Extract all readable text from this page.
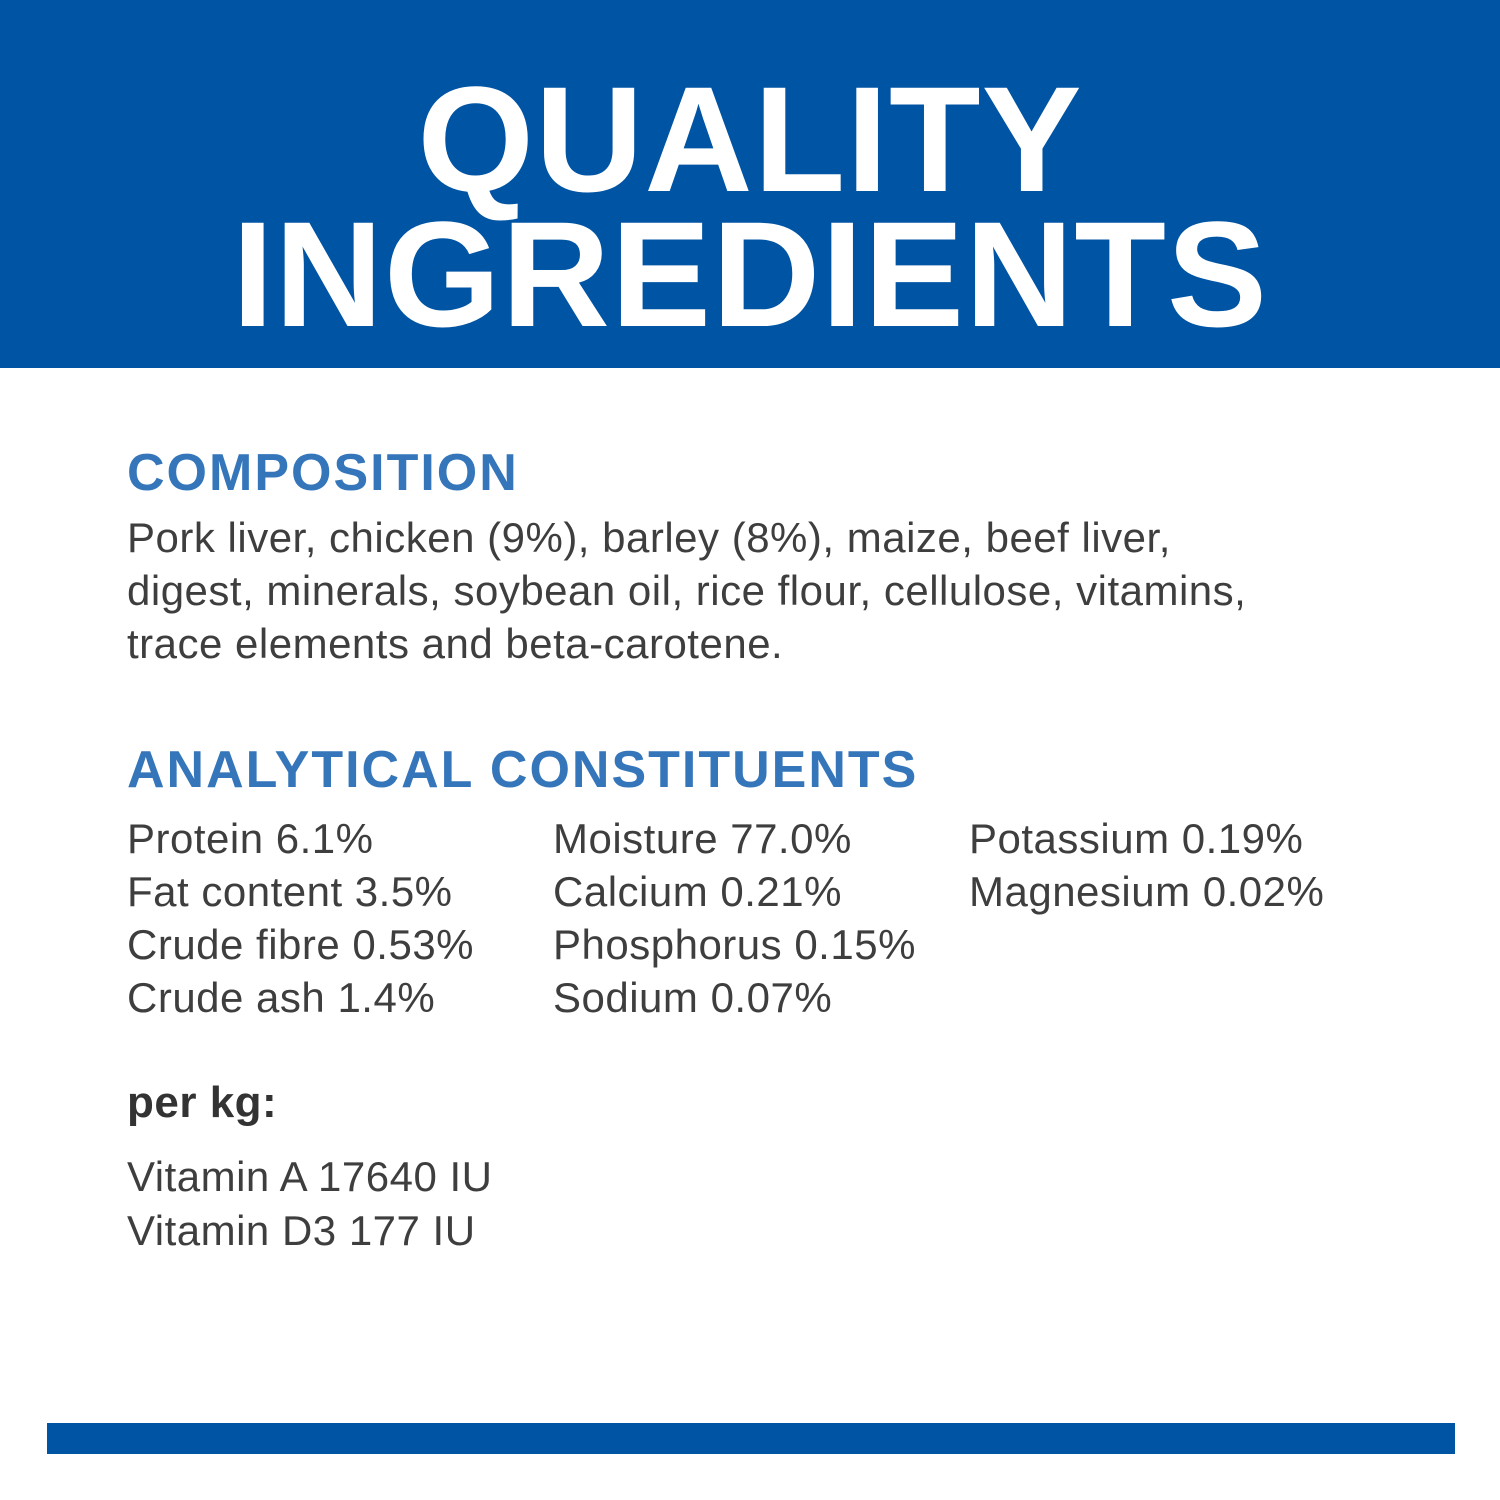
QUALITY
INGREDIENTS
COMPOSITION
Pork liver, chicken (9%), barley (8%), maize, beef liver,
digest, minerals, soybean oil, rice flour, cellulose, vitamins,
trace elements and beta-carotene.
ANALYTICAL CONSTITUENTS
Protein 6.1%
Fat content 3.5%
Crude fibre 0.53%
Crude ash 1.4%
Moisture 77.0%
Calcium 0.21%
Phosphorus 0.15%
Sodium 0.07%
Potassium 0.19%
Magnesium 0.02%
per kg:
Vitamin A 17640 IU
Vitamin D3 177 IU
